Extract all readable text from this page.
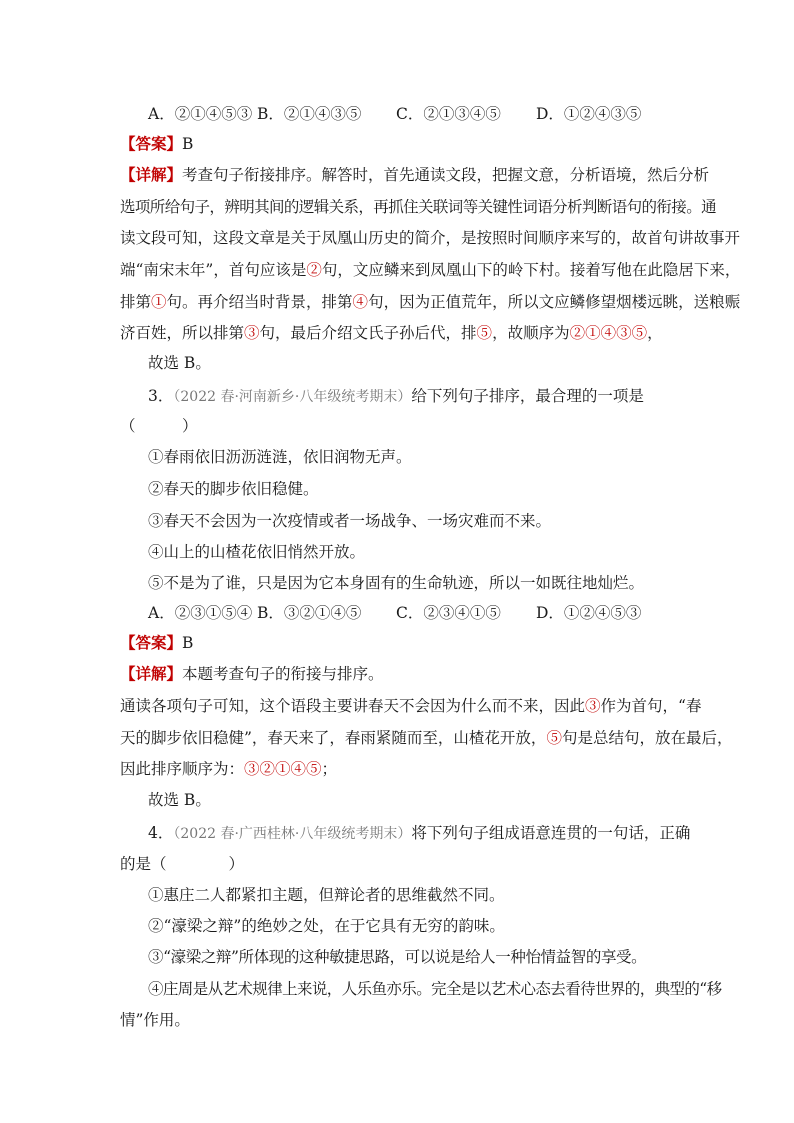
A．②①④⑤③ B．②①④③⑤ C．②①③④⑤ D．①②④③⑤
【答案】B
【详解】考查句子衔接排序。解答时，首先通读文段，把握文意，分析语境，然后分析
选项所给句子，辨明其间的逻辑关系，再抓住关联词等关键性词语分析判断语句的衔接。通
读文段可知，这段文章是关于凤凰山历史的简介，是按照时间顺序来写的，故首句讲故事开
端“南宋末年”，首句应该是②句，文应鳞来到凤凰山下的岭下村。接着写他在此隐居下来，
排第①句。再介绍当时背景，排第④句，因为正值荒年，所以文应鳞修望烟楼远眺，送粮赈
济百姓，所以排第③句，最后介绍文氏子孙后代，排⑤，故顺序为②①④③⑤，
故选 B。
3．（2022 春·河南新乡·八年级统考期末）给下列句子排序，最合理的一项是
（　　　）
①春雨依旧沥沥涟涟，依旧润物无声。
②春天的脚步依旧稳健。
③春天不会因为一次疫情或者一场战争、一场灾难而不来。
④山上的山楂花依旧悄然开放。
⑤不是为了谁，只是因为它本身固有的生命轨迹，所以一如既往地灿烂。
A．②③①⑤④ B．③②①④⑤ C．②③④①⑤ D．①②④⑤③
【答案】B
【详解】本题考查句子的衔接与排序。
通读各项句子可知，这个语段主要讲春天不会因为什么而不来，因此③作为首句，“春
天的脚步依旧稳健”，春天来了，春雨紧随而至，山楂花开放，⑤句是总结句，放在最后，
因此排序顺序为：③②①④⑤；
故选 B。
4．（2022 春·广西桂林·八年级统考期末）将下列句子组成语意连贯的一句话，正确
的是（　　　　）
①惠庄二人都紧扣主题，但辩论者的思维截然不同。
②“濠梁之辩”的绝妙之处，在于它具有无穷的韵味。
③“濠梁之辩”所体现的这种敏捷思路，可以说是给人一种怡情益智的享受。
④庄周是从艺术规律上来说，人乐鱼亦乐。完全是以艺术心态去看待世界的，典型的“移
情”作用。
